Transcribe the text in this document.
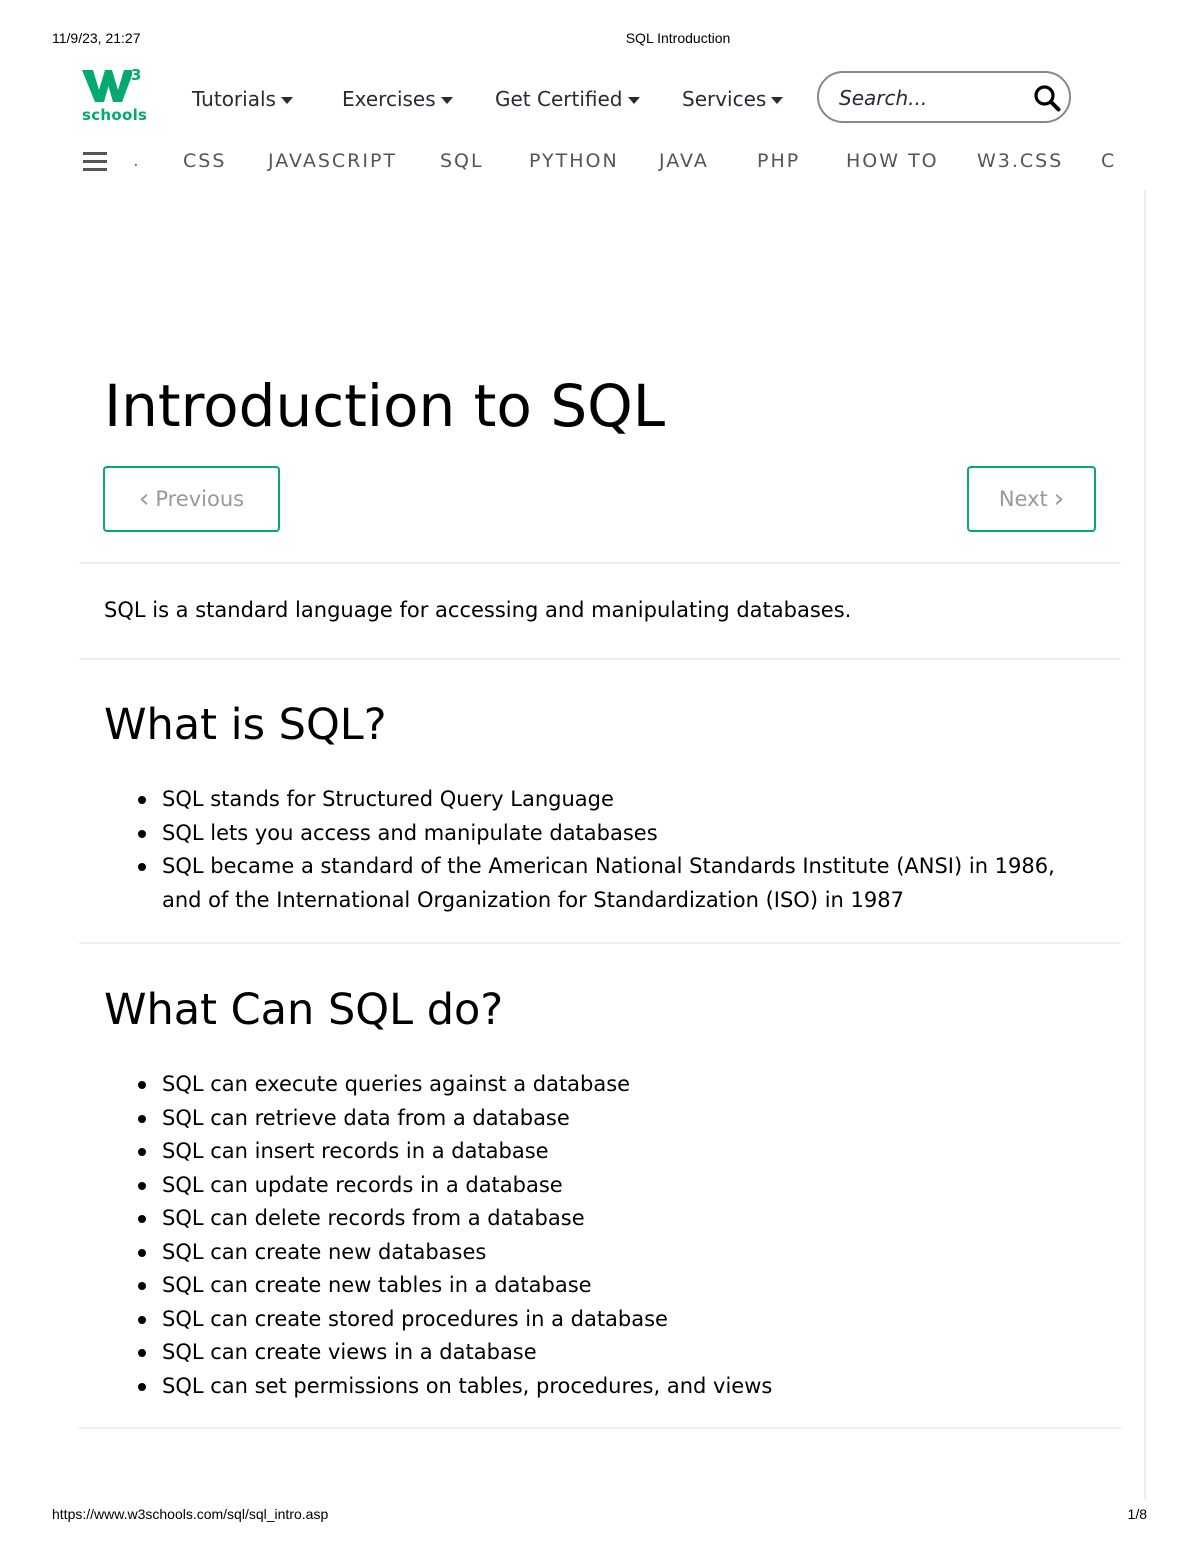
11/9/23, 21:27	SQL Introduction
3
schools
Tutorials	Exercises	Get Certified	Services
Search...
. CSS JAVASCRIPT SQL PYTHON JAVA	PHP HOW TO W3.CSS C
Introduction to SQL
‹ Previous	Next ›

SQL is a standard language for accessing and manipulating databases.

What is SQL?
SQL stands for Structured Query Language
SQL lets you access and manipulate databases
SQL became a standard of the American National Standards Institute (ANSI) in 1986, and of the International Organization for Standardization (ISO) in 1987
What Can SQL do?
SQL can execute queries against a database
SQL can retrieve data from a database
SQL can insert records in a database
SQL can update records in a database
SQL can delete records from a database
SQL can create new databases
SQL can create new tables in a database
SQL can create stored procedures in a database
SQL can create views in a database
SQL can set permissions on tables, procedures, and views
https://www.w3schools.com/sql/sql_intro.asp	1/8
